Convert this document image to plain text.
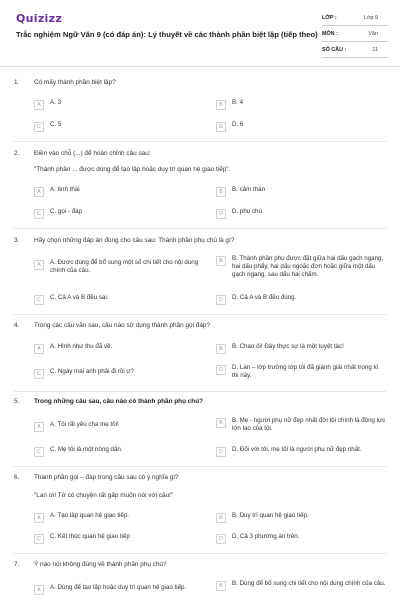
Quizizz
Trắc nghiệm Ngữ Văn 9 (có đáp án): Lý thuyết về các thành phần biệt lập (tiếp theo)
LỚP :	Lớp 9
MÔN :	Văn
SỐ CÂU :	11
1. Có mấy thành phần biệt lập?
A	A. 3	B	B. 4
C	C. 5	D	D. 6
2. Điền vào chỗ (...) để hoàn chỉnh câu sau:
"Thành phần ... được dùng để tạo lập hoặc duy trì quan hệ giao tiếp".
A	A. tình thái	B	B. cảm thán
C	C. gọi - đáp	D	D. phụ chú
3. Hãy chọn những đáp án đúng cho câu sau: Thành phần phụ chú là gì?
A	A. Được dùng để bổ sung một số chi tiết cho nội dung chính của câu.
B	B. Thành phần phụ được đặt giữa hai dấu gạch ngang, hai dấu phẩy, hai dấu ngoặc đơn hoặc giữa một dấu gạch ngang, sau dấu hai chấm.
C	C. Cả A và B đều sai.	D	D. Cả A và B đều đúng.
4. Trong các câu văn sau, câu nào sử dụng thành phần gọi đáp?
A	A. Hình như thu đã về.	B	B. Chao ôi! Đây thực sự là một tuyệt tác!
C	C. Ngày mai anh phải đi rồi ư?	D	D. Lan – lớp trưởng lớp tôi đã giành giải nhất trong kì thi này.
5. Trong những câu sau, câu nào có thành phần phụ chú?
A	A. Tôi rất yêu cha mẹ tôi!	B	B. Mẹ - người phụ nữ đẹp nhất đời tôi chính là động lực lớn lao của tôi.
C	C. Mẹ tôi là một nông dân.	D	D. Đối với tôi, mẹ tôi là người phụ nữ đẹp nhất.
6. Thành phần gọi – đáp trong câu sau có ý nghĩa gì?
"Lan ơi! Tớ có chuyện rất gấp muốn nói với cậu!"
A	A. Tạo lập quan hệ giao tiếp.	B	B. Duy trì quan hệ giao tiếp.
C	C. Kết thúc quan hệ giao tiếp	D	D. Cả 3 phương án trên.
7. Ý nào nói không đúng về thành phần phụ chú?
A	A. Dùng để tạo lập hoặc duy trì quan hệ giao tiếp.	B	B. Dùng để bổ sung chi tiết cho nội dung chính của câu.
